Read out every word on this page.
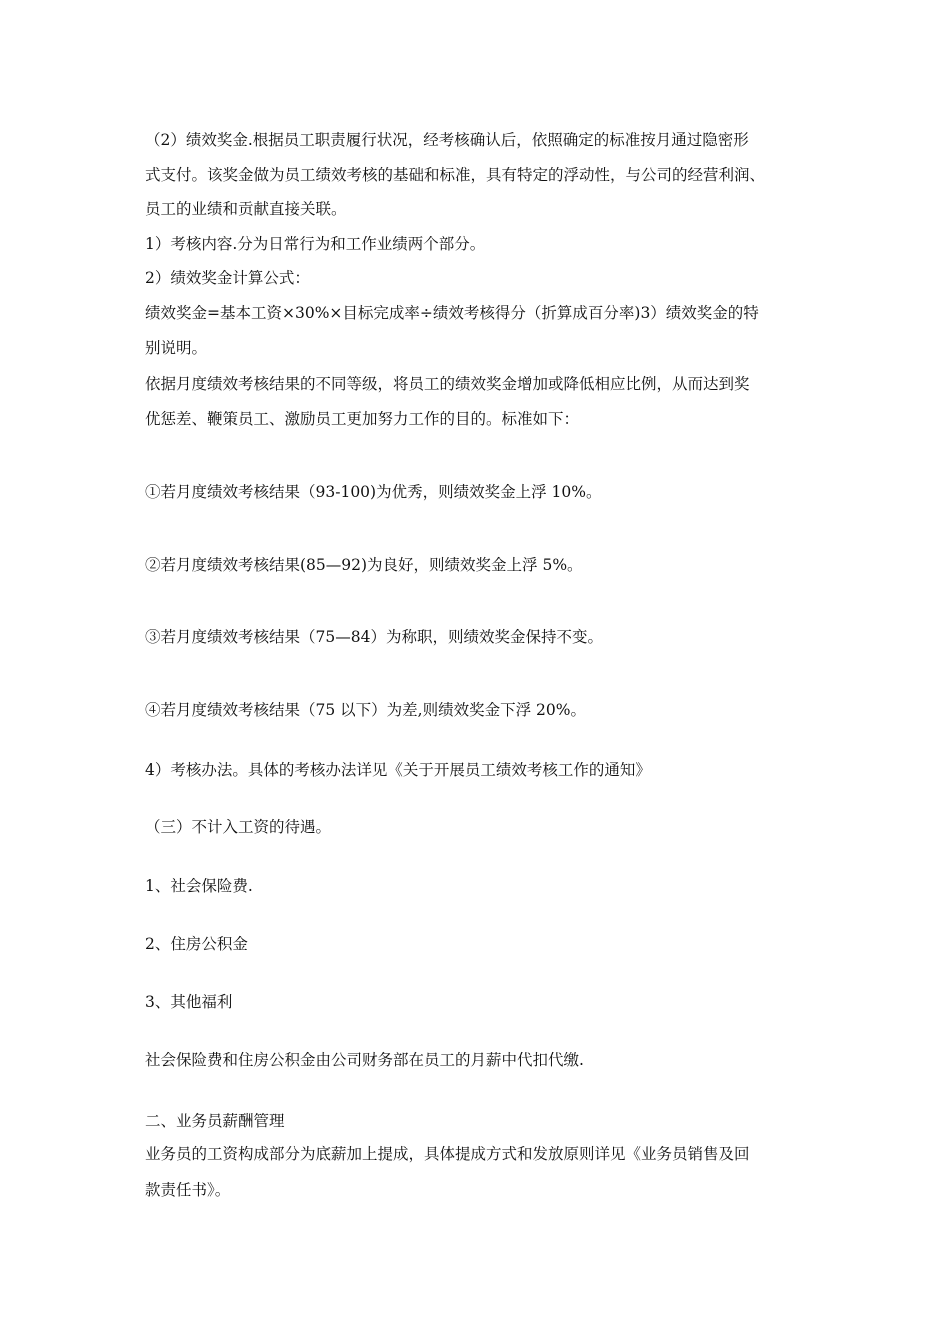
（2）绩效奖金.根据员工职责履行状况，经考核确认后，依照确定的标准按月通过隐密形
式支付。该奖金做为员工绩效考核的基础和标准，具有特定的浮动性，与公司的经营利润、
员工的业绩和贡献直接关联。
1）考核内容.分为日常行为和工作业绩两个部分。
2）绩效奖金计算公式：
绩效奖金=基本工资×30%×目标完成率÷绩效考核得分（折算成百分率)3）绩效奖金的特
别说明。
依据月度绩效考核结果的不同等级，将员工的绩效奖金增加或降低相应比例，从而达到奖
优惩差、鞭策员工、激励员工更加努力工作的目的。标准如下：
①若月度绩效考核结果（93-100)为优秀，则绩效奖金上浮 10%。
②若月度绩效考核结果(85—92)为良好，则绩效奖金上浮 5%。
③若月度绩效考核结果（75—84）为称职，则绩效奖金保持不变。
④若月度绩效考核结果（75 以下）为差,则绩效奖金下浮 20%。
4）考核办法。具体的考核办法详见《关于开展员工绩效考核工作的通知》
（三）不计入工资的待遇。
1、社会保险费.
2、住房公积金
3、其他福利
社会保险费和住房公积金由公司财务部在员工的月薪中代扣代缴.
二、业务员薪酬管理
业务员的工资构成部分为底薪加上提成，具体提成方式和发放原则详见《业务员销售及回
款责任书》。
